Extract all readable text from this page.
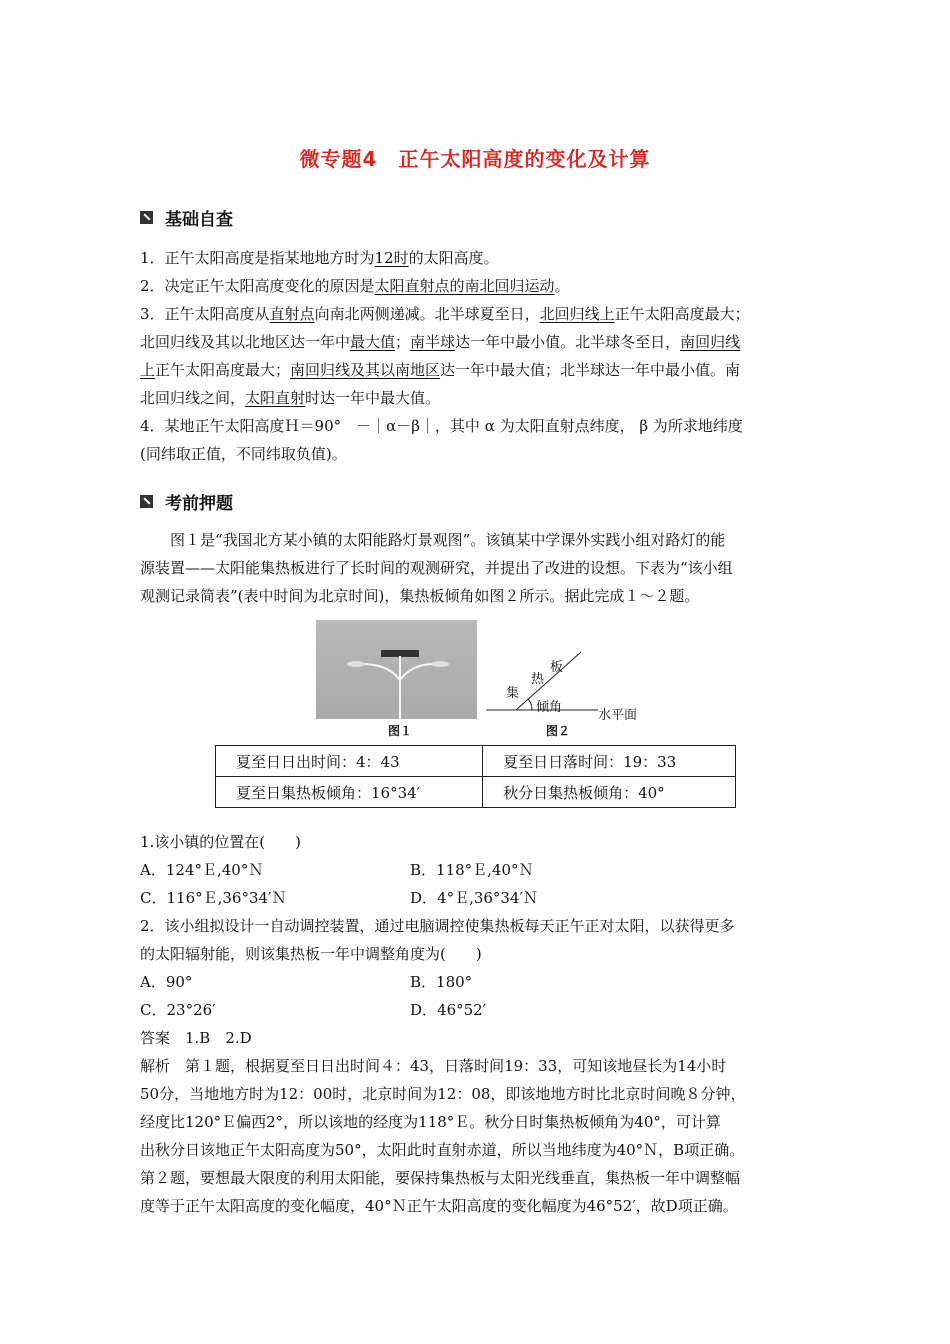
微专题4　正午太阳高度的变化及计算
基础自查
1．正午太阳高度是指某地地方时为12时的太阳高度。
2．决定正午太阳高度变化的原因是太阳直射点的南北回归运动。
3．正午太阳高度从直射点向南北两侧递减。北半球夏至日，北回归线上正午太阳高度最大；
北回归线及其以北地区达一年中最大值；南半球达一年中最小值。北半球冬至日，南回归线
上正午太阳高度最大；南回归线及其以南地区达一年中最大值；北半球达一年中最小值。南
北回归线之间，太阳直射时达一年中最大值。
4．某地正午太阳高度Ｈ＝90°　－｜α－β｜，其中 α 为太阳直射点纬度， β 为所求地纬度
(同纬取正值，不同纬取负值)。
考前押题
图１是“我国北方某小镇的太阳能路灯景观图”。该镇某中学课外实践小组对路灯的能
源装置——太阳能集热板进行了长时间的观测研究，并提出了改进的设想。下表为“该小组
观测记录简表”(表中时间为北京时间)，集热板倾角如图２所示。据此完成１～２题。
图１
集
热
板
倾角
水平面
图２
夏至日日出时间：4：43	夏至日日落时间：19：33
夏至日集热板倾角：16°34′	秋分日集热板倾角：40°
1.该小镇的位置在(　　)
A．124°Ｅ,40°Ｎ	B．118°Ｅ,40°Ｎ
C．116°Ｅ,36°34′Ｎ	D．4°Ｅ,36°34′Ｎ
2．该小组拟设计一自动调控装置，通过电脑调控使集热板每天正午正对太阳，以获得更多
的太阳辐射能，则该集热板一年中调整角度为(　　)
A．90°	B．180°
C．23°26′	D．46°52′
答案　1.B　2.D
解析　第１题，根据夏至日日出时间４：43，日落时间19：33，可知该地昼长为14小时
50分，当地地方时为12：00时，北京时间为12：08，即该地地方时比北京时间晚８分钟，
经度比120°Ｅ偏西2°，所以该地的经度为118°Ｅ。秋分日时集热板倾角为40°，可计算
出秋分日该地正午太阳高度为50°，太阳此时直射赤道，所以当地纬度为40°Ｎ，B项正确。
第２题，要想最大限度的利用太阳能，要保持集热板与太阳光线垂直，集热板一年中调整幅
度等于正午太阳高度的变化幅度，40°Ｎ正午太阳高度的变化幅度为46°52′，故D项正确。
